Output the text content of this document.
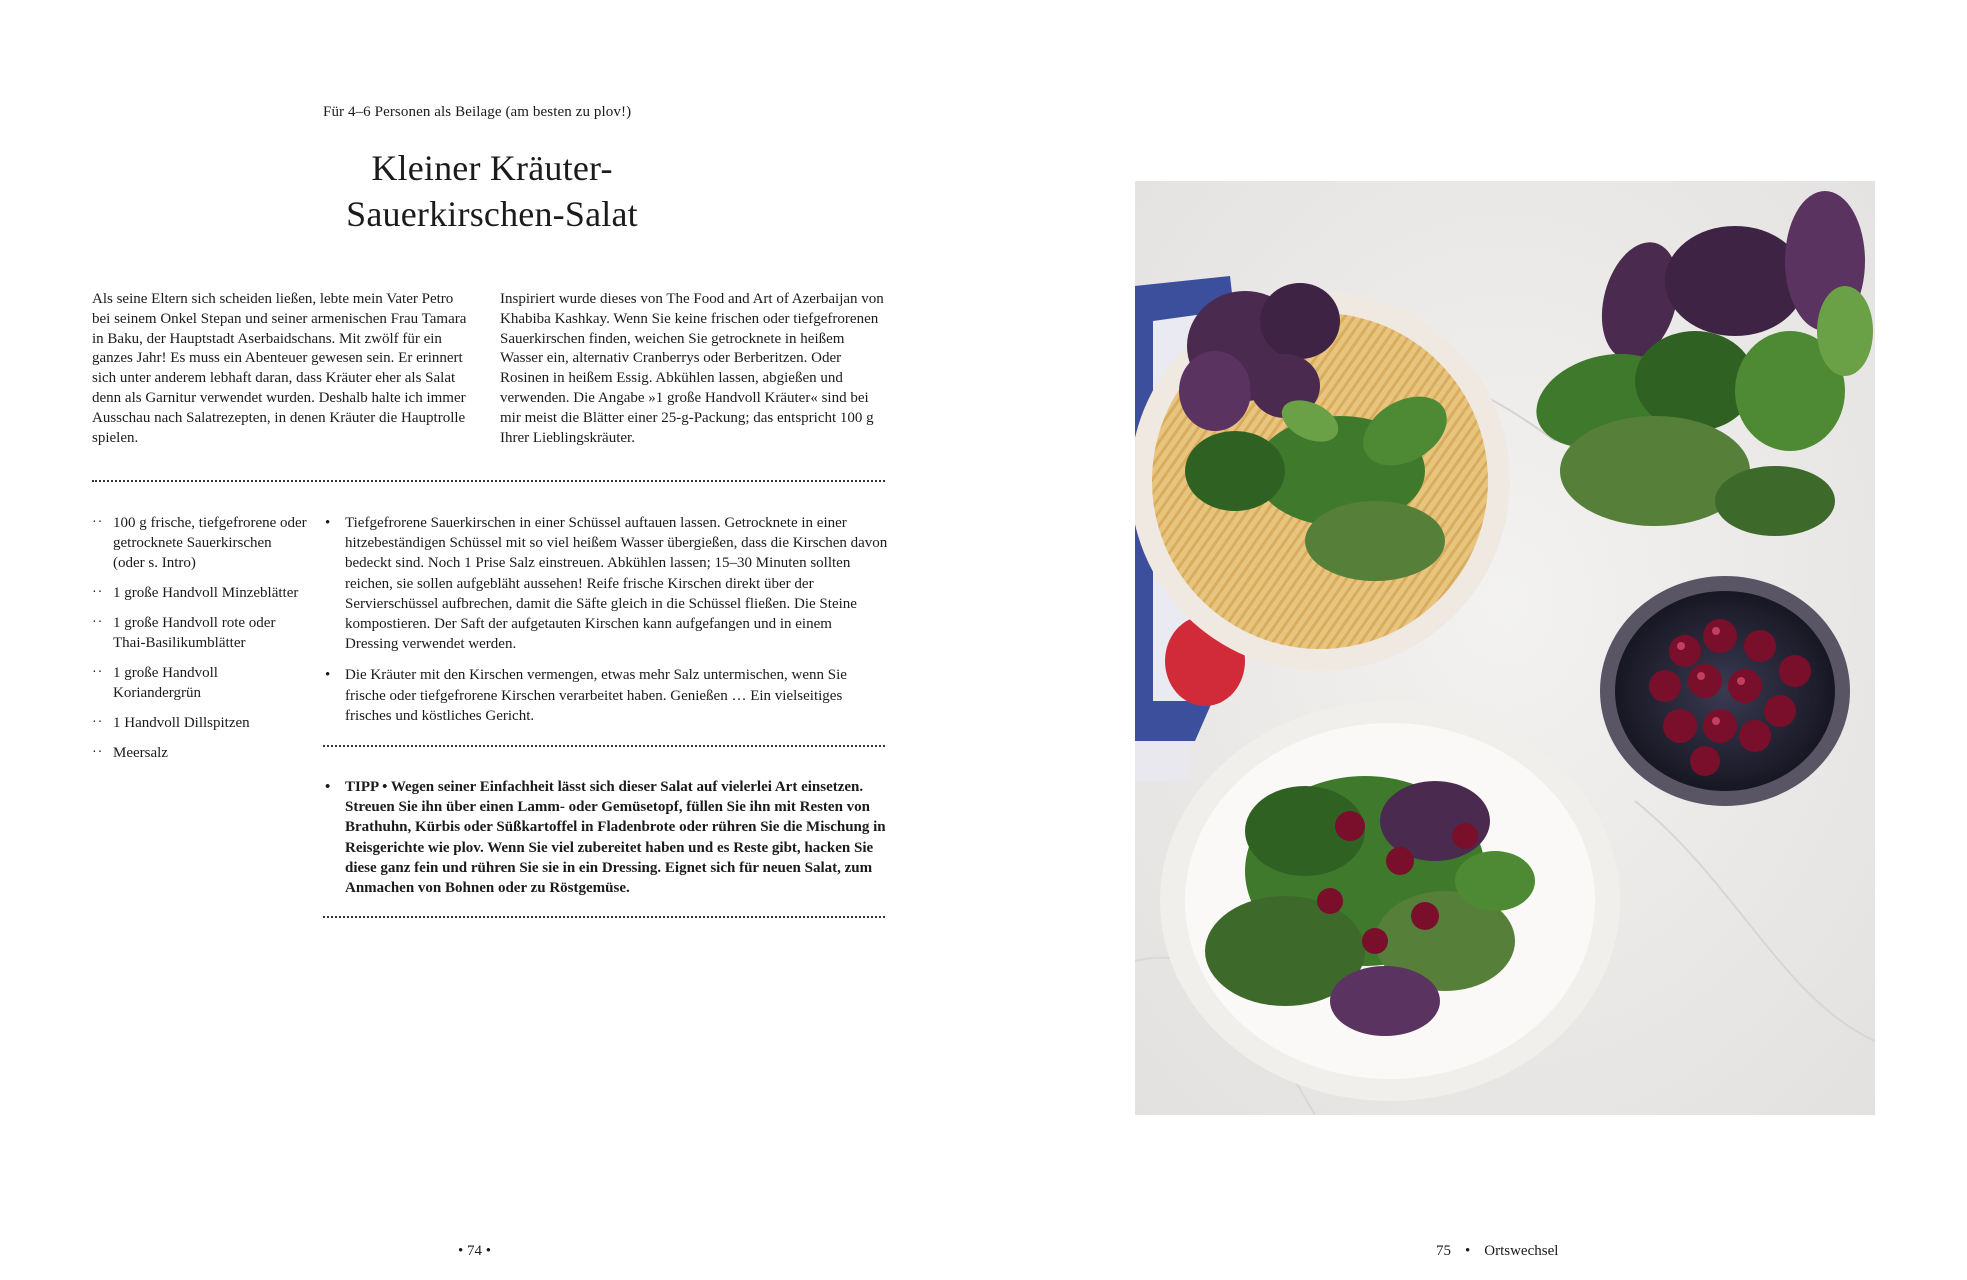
Für 4–6 Personen als Beilage (am besten zu plov!)
Kleiner Kräuter-
Sauerkirschen-Salat

Als seine Eltern sich scheiden ließen, lebte mein Vater Petro bei seinem Onkel Stepan und seiner armenischen Frau Tamara in Baku, der Hauptstadt Aserbaidschans. Mit zwölf für ein ganzes Jahr! Es muss ein Abenteuer gewesen sein. Er erinnert sich unter anderem lebhaft daran, dass Kräuter eher als Salat denn als Garnitur verwendet wurden. Deshalb halte ich immer Ausschau nach Salatrezepten, in denen Kräuter die Hauptrolle spielen.

Inspiriert wurde dieses von The Food and Art of Azerbaijan von Khabiba Kashkay. Wenn Sie keine frischen oder tiefgefrorenen Sauerkirschen finden, weichen Sie getrocknete in heißem Wasser ein, alternativ Cranberrys oder Berberitzen. Oder Rosinen in heißem Essig. Abkühlen lassen, abgießen und verwenden. Die Angabe »1 große Handvoll Kräuter« sind bei mir meist die Blätter einer 25-g-Packung; das entspricht 100 g Ihrer Lieblingskräuter.

·· 100 g frische, tiefgefrorene oder getrocknete Sauerkirschen (oder s. Intro)
·· 1 große Handvoll Minzeblätter
·· 1 große Handvoll rote oder Thai-Basilikumblätter
·· 1 große Handvoll Koriandergrün
·· 1 Handvoll Dillspitzen
·· Meersalz
• Tiefgefrorene Sauerkirschen in einer Schüssel auftauen lassen. Getrocknete in einer hitzebeständigen Schüssel mit so viel heißem Wasser übergießen, dass die Kirschen davon bedeckt sind. Noch 1 Prise Salz einstreuen. Abkühlen lassen; 15–30 Minuten sollten reichen, sie sollen aufgebläht aussehen! Reife frische Kirschen direkt über der Servierschüssel aufbrechen, damit die Säfte gleich in die Schüssel fließen. Die Steine kompostieren. Der Saft der aufgetauten Kirschen kann aufgefangen und in einem Dressing verwendet werden.
• Die Kräuter mit den Kirschen vermengen, etwas mehr Salz untermischen, wenn Sie frische oder tiefgefrorene Kirschen verarbeitet haben. Genießen … Ein vielseitiges frisches und köstliches Gericht.
• TIPP • Wegen seiner Einfachheit lässt sich dieser Salat auf vielerlei Art einsetzen. Streuen Sie ihn über einen Lamm- oder Gemüsetopf, füllen Sie ihn mit Resten von Brathuhn, Kürbis oder Süßkartoffel in Fladenbrote oder rühren Sie die Mischung in Reisgerichte wie plov. Wenn Sie viel zubereitet haben und es Reste gibt, hacken Sie diese ganz fein und rühren Sie sie in ein Dressing. Eignet sich für neuen Salat, zum Anmachen von Bohnen oder zu Röstgemüse.
• 74 •	75 • Ortswechsel
